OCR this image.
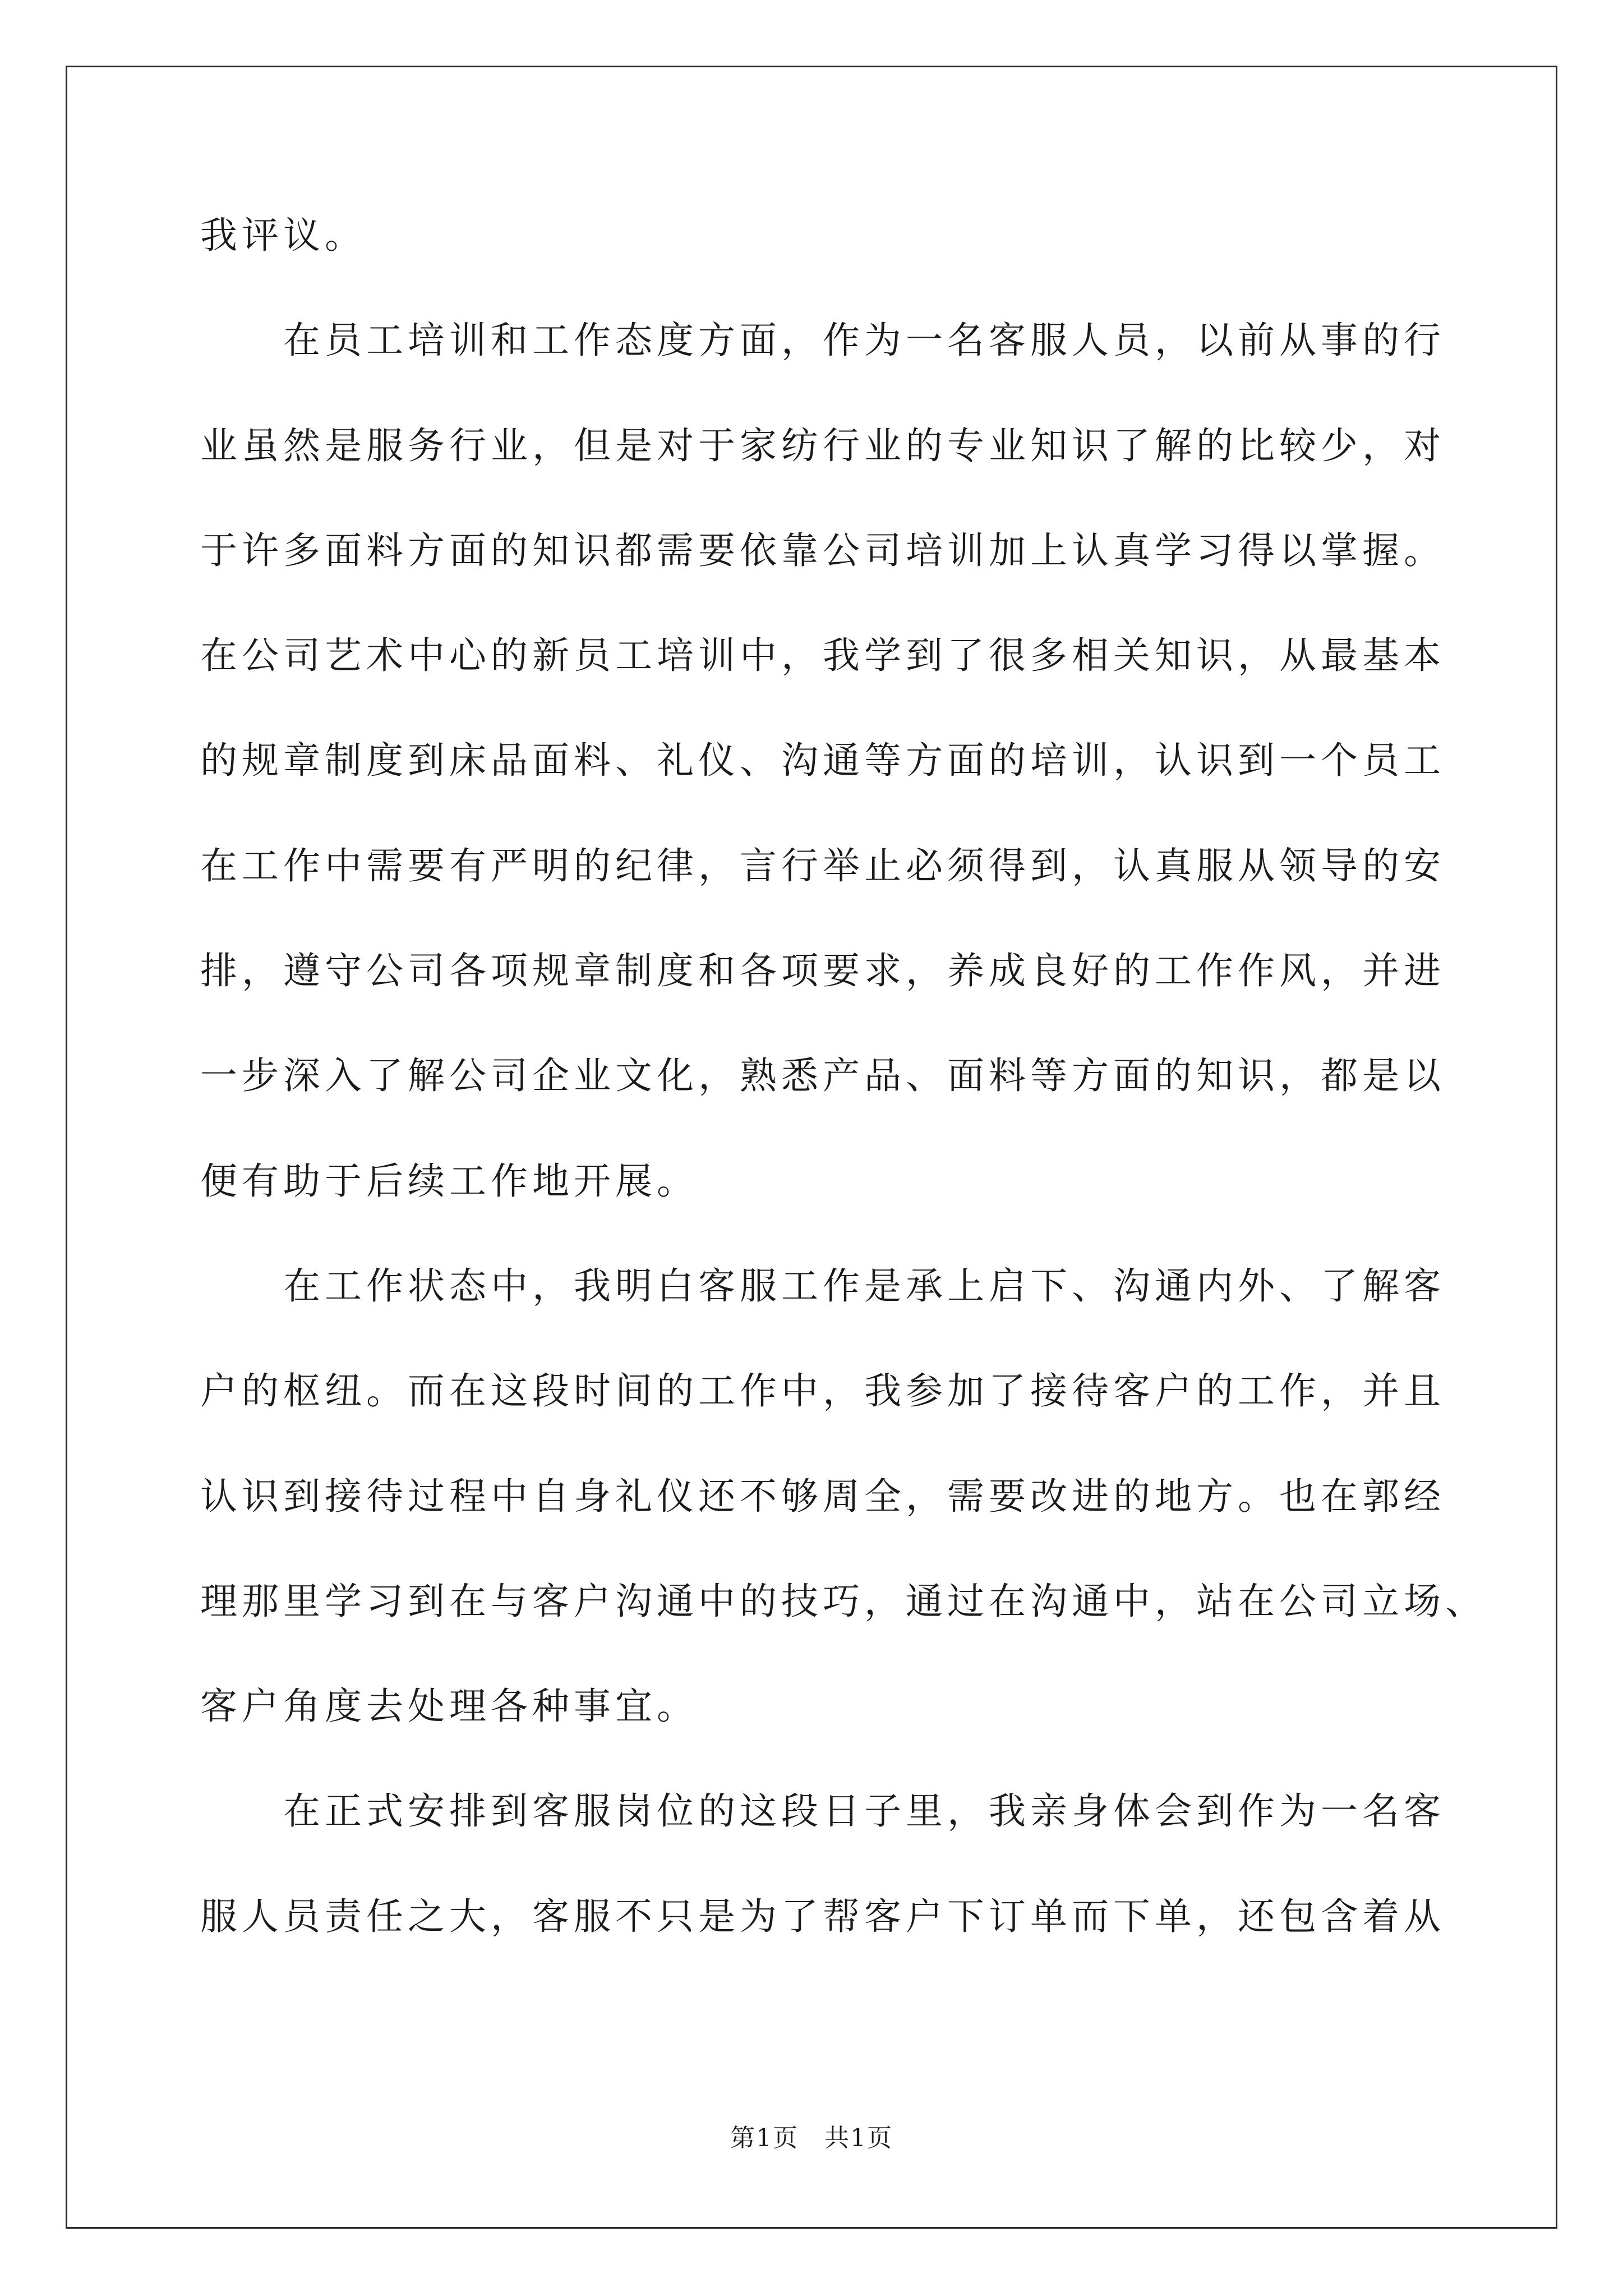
我评议。

　　在员工培训和工作态度方面，作为一名客服人员，以前从事的行

业虽然是服务行业，但是对于家纺行业的专业知识了解的比较少，对

于许多面料方面的知识都需要依靠公司培训加上认真学习得以掌握。

在公司艺术中心的新员工培训中，我学到了很多相关知识，从最基本

的规章制度到床品面料、礼仪、沟通等方面的培训，认识到一个员工

在工作中需要有严明的纪律，言行举止必须得到，认真服从领导的安

排，遵守公司各项规章制度和各项要求，养成良好的工作作风，并进

一步深入了解公司企业文化，熟悉产品、面料等方面的知识，都是以

便有助于后续工作地开展。

　　在工作状态中，我明白客服工作是承上启下、沟通内外、了解客

户的枢纽。而在这段时间的工作中，我参加了接待客户的工作，并且

认识到接待过程中自身礼仪还不够周全，需要改进的地方。也在郭经

理那里学习到在与客户沟通中的技巧，通过在沟通中，站在公司立场、

客户角度去处理各种事宜。

　　在正式安排到客服岗位的这段日子里，我亲身体会到作为一名客

服人员责任之大，客服不只是为了帮客户下订单而下单，还包含着从

第1页　共1页
